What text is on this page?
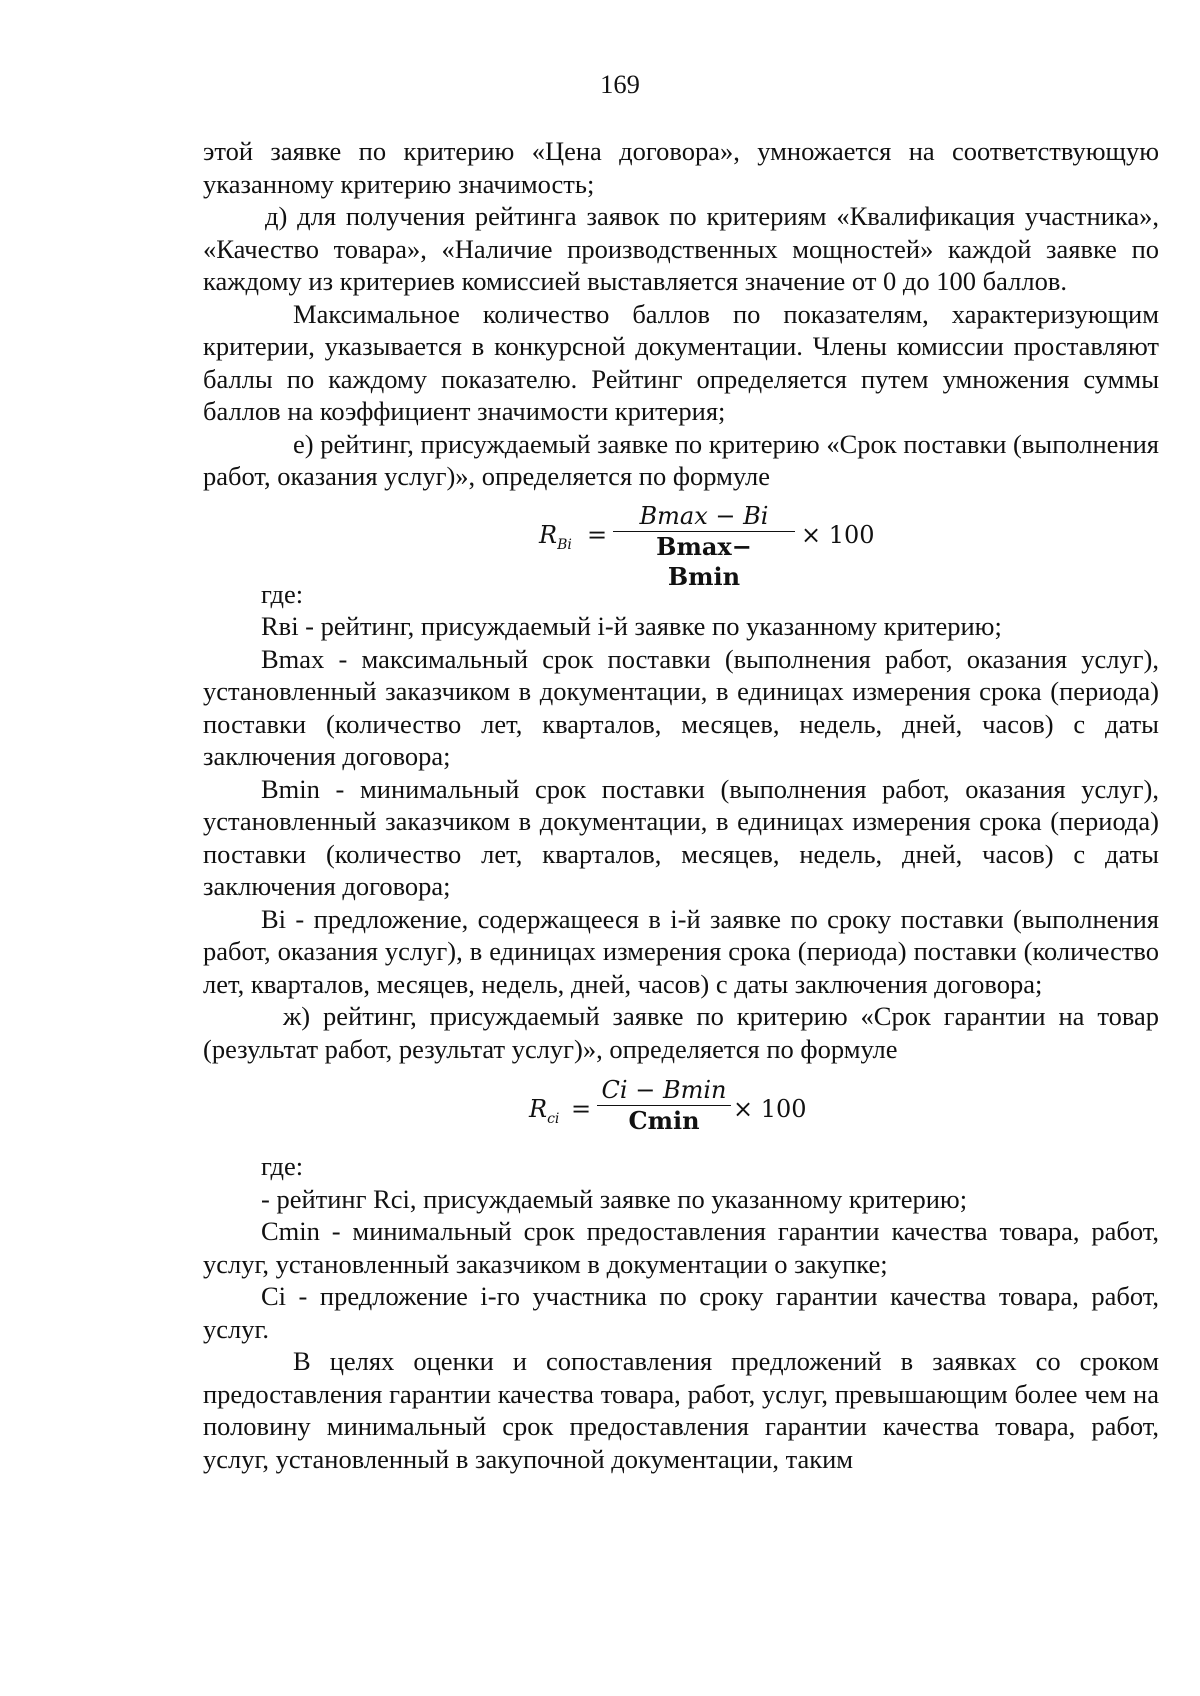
169

этой заявке по критерию «Цена договора», умножается на соответствующую указанному критерию значимость;

д) для получения рейтинга заявок по критериям «Квалификация участника», «Качество товара», «Наличие производственных мощностей» каждой заявке по каждому из критериев комиссией выставляется значение от 0 до 100 баллов.

Максимальное количество баллов по показателям, характеризующим критерии, указывается в конкурсной документации. Члены комиссии проставляют баллы по каждому показателю. Рейтинг определяется путем умножения суммы баллов на коэффициент значимости критерия;

е) рейтинг, присуждаемый заявке по критерию «Срок поставки (выполнения работ, оказания услуг)», определяется по формуле

$R_{Bi}$ =
Bmax − Bi
Bmax− Bmin
× 100

где:

Rвi - рейтинг, присуждаемый i-й заявке по указанному критерию;

Вmax - максимальный срок поставки (выполнения работ, оказания услуг), установленный заказчиком в документации, в единицах измерения срока (периода) поставки (количество лет, кварталов, месяцев, недель, дней, часов) с даты заключения договора;

Вmin - минимальный срок поставки (выполнения работ, оказания услуг), установленный заказчиком в документации, в единицах измерения срока (периода) поставки (количество лет, кварталов, месяцев, недель, дней, часов) с даты заключения договора;

Вi - предложение, содержащееся в i-й заявке по сроку поставки (выполнения работ, оказания услуг), в единицах измерения срока (периода) поставки (количество лет, кварталов, месяцев, недель, дней, часов) с даты заключения договора;

ж) рейтинг, присуждаемый заявке по критерию «Срок гарантии на товар (результат работ, результат услуг)», определяется по формуле

$R_{ci}$ =
Ci − Bmin
Cmin	× 100

где:

- рейтинг Rci, присуждаемый заявке по указанному критерию;

Cmin - минимальный срок предоставления гарантии качества товара, работ, услуг, установленный заказчиком в документации о закупке;

Ci - предложение i-го участника по сроку гарантии качества товара, работ, услуг.

В целях оценки и сопоставления предложений в заявках со сроком предоставления гарантии качества товара, работ, услуг, превышающим более чем на половину минимальный срок предоставления гарантии качества товара, работ, услуг, установленный в закупочной документации, таким
